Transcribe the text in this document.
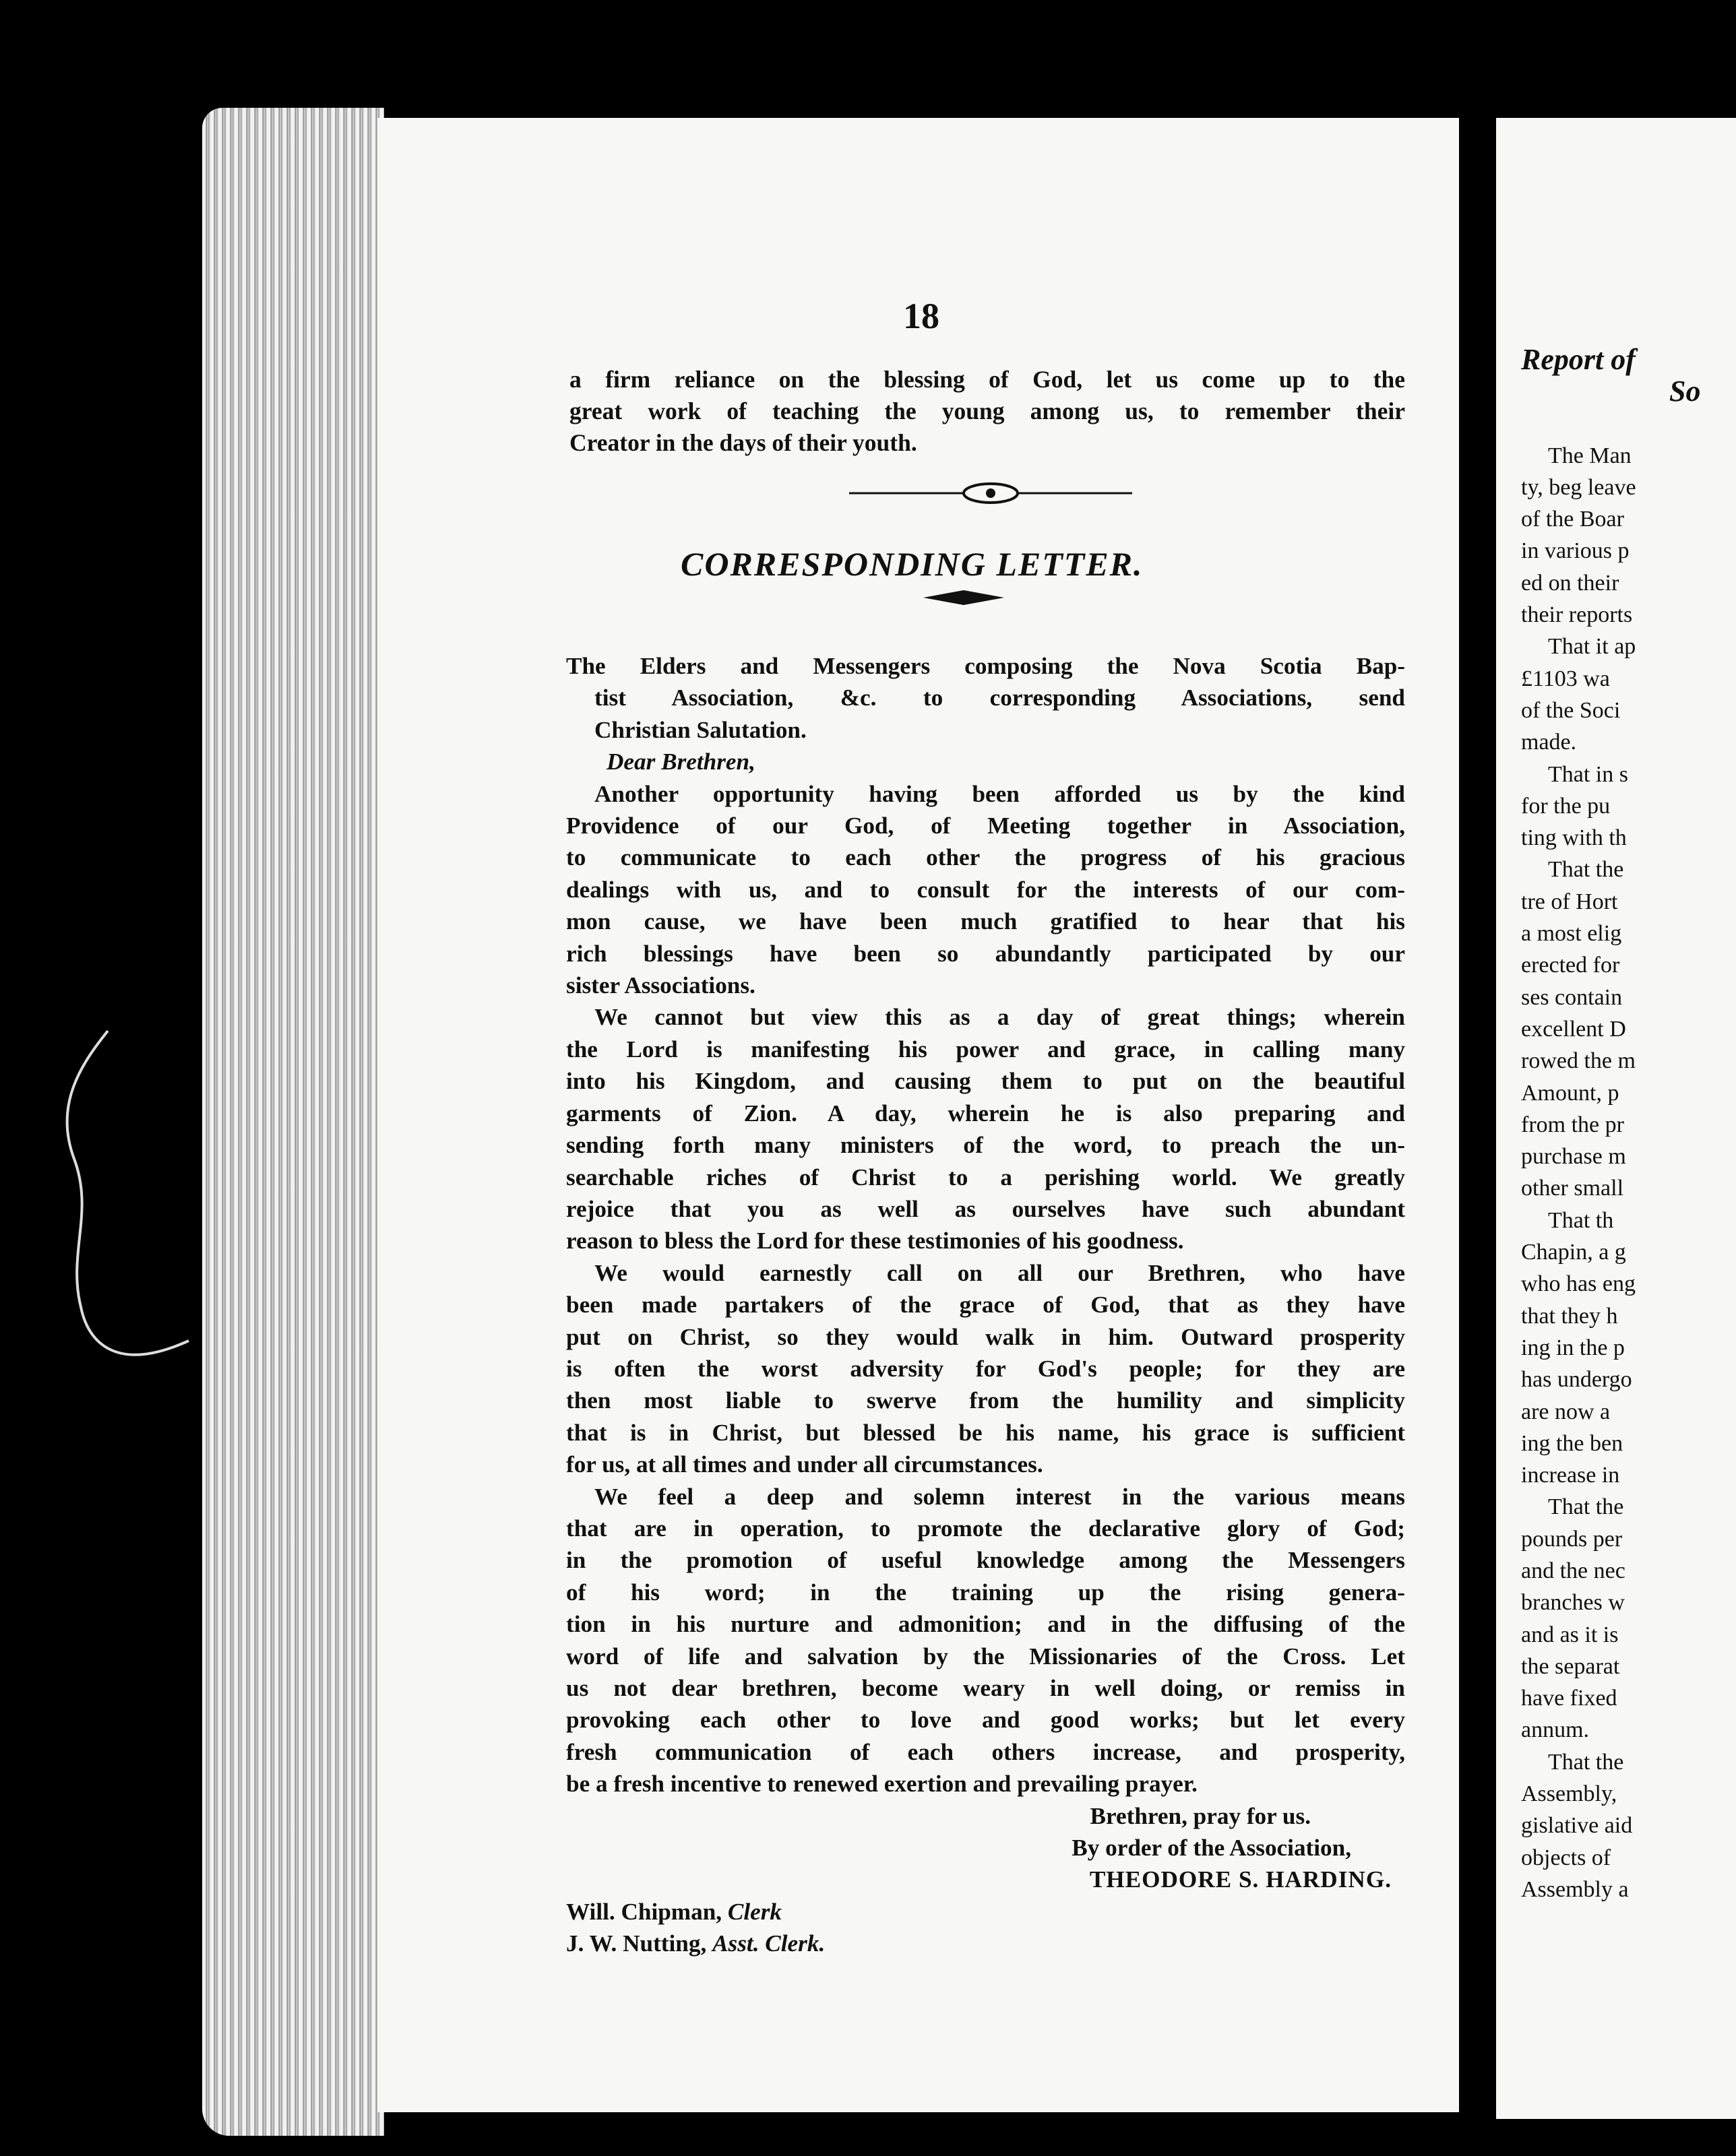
18
a firm reliance on the blessing of God, let us come up to the
great work of teaching the young among us, to remember their
Creator in the days of their youth.
CORRESPONDING LETTER.
The Elders and Messengers composing the Nova Scotia Bap-
tist Association, &c. to corresponding Associations, send
Christian Salutation.
Dear Brethren,
Another opportunity having been afforded us by the kind
Providence of our God, of Meeting together in Association,
to communicate to each other the progress of his gracious
dealings with us, and to consult for the interests of our com-
mon cause, we have been much gratified to hear that his
rich blessings have been so abundantly participated by our
sister Associations.
We cannot but view this as a day of great things; wherein
the Lord is manifesting his power and grace, in calling many
into his Kingdom, and causing them to put on the beautiful
garments of Zion. A day, wherein he is also preparing and
sending forth many ministers of the word, to preach the un-
searchable riches of Christ to a perishing world. We greatly
rejoice that you as well as ourselves have such abundant
reason to bless the Lord for these testimonies of his goodness.
We would earnestly call on all our Brethren, who have
been made partakers of the grace of God, that as they have
put on Christ, so they would walk in him. Outward prosperity
is often the worst adversity for God's people; for they are
then most liable to swerve from the humility and simplicity
that is in Christ, but blessed be his name, his grace is sufficient
for us, at all times and under all circumstances.
We feel a deep and solemn interest in the various means
that are in operation, to promote the declarative glory of God;
in the promotion of useful knowledge among the Messengers
of his word; in the training up the rising genera-
tion in his nurture and admonition; and in the diffusing of the
word of life and salvation by the Missionaries of the Cross. Let
us not dear brethren, become weary in well doing, or remiss in
provoking each other to love and good works; but let every
fresh communication of each others increase, and prosperity,
be a fresh incentive to renewed exertion and prevailing prayer.
Brethren, pray for us.
By order of the Association,
THEODORE S. HARDING.
Will. Chipman, Clerk
J. W. Nutting, Asst. Clerk.
Report of
So
The Man
ty, beg leave
of the Boar
in various p
ed on their
their reports
That it ap
£1103 wa
of the Soci
made.
That in s
for the pu
ting with th
That the
tre of Hort
a most elig
erected for
ses contain
excellent D
rowed the m
Amount, p
from the pr
purchase m
other small
That th
Chapin, a g
who has eng
that they h
ing in the p
has undergo
are now a
ing the ben
increase in
That the
pounds per
and the nec
branches w
and as it is
the separat
have fixed
annum.
That the
Assembly,
gislative aid
objects of
Assembly a
